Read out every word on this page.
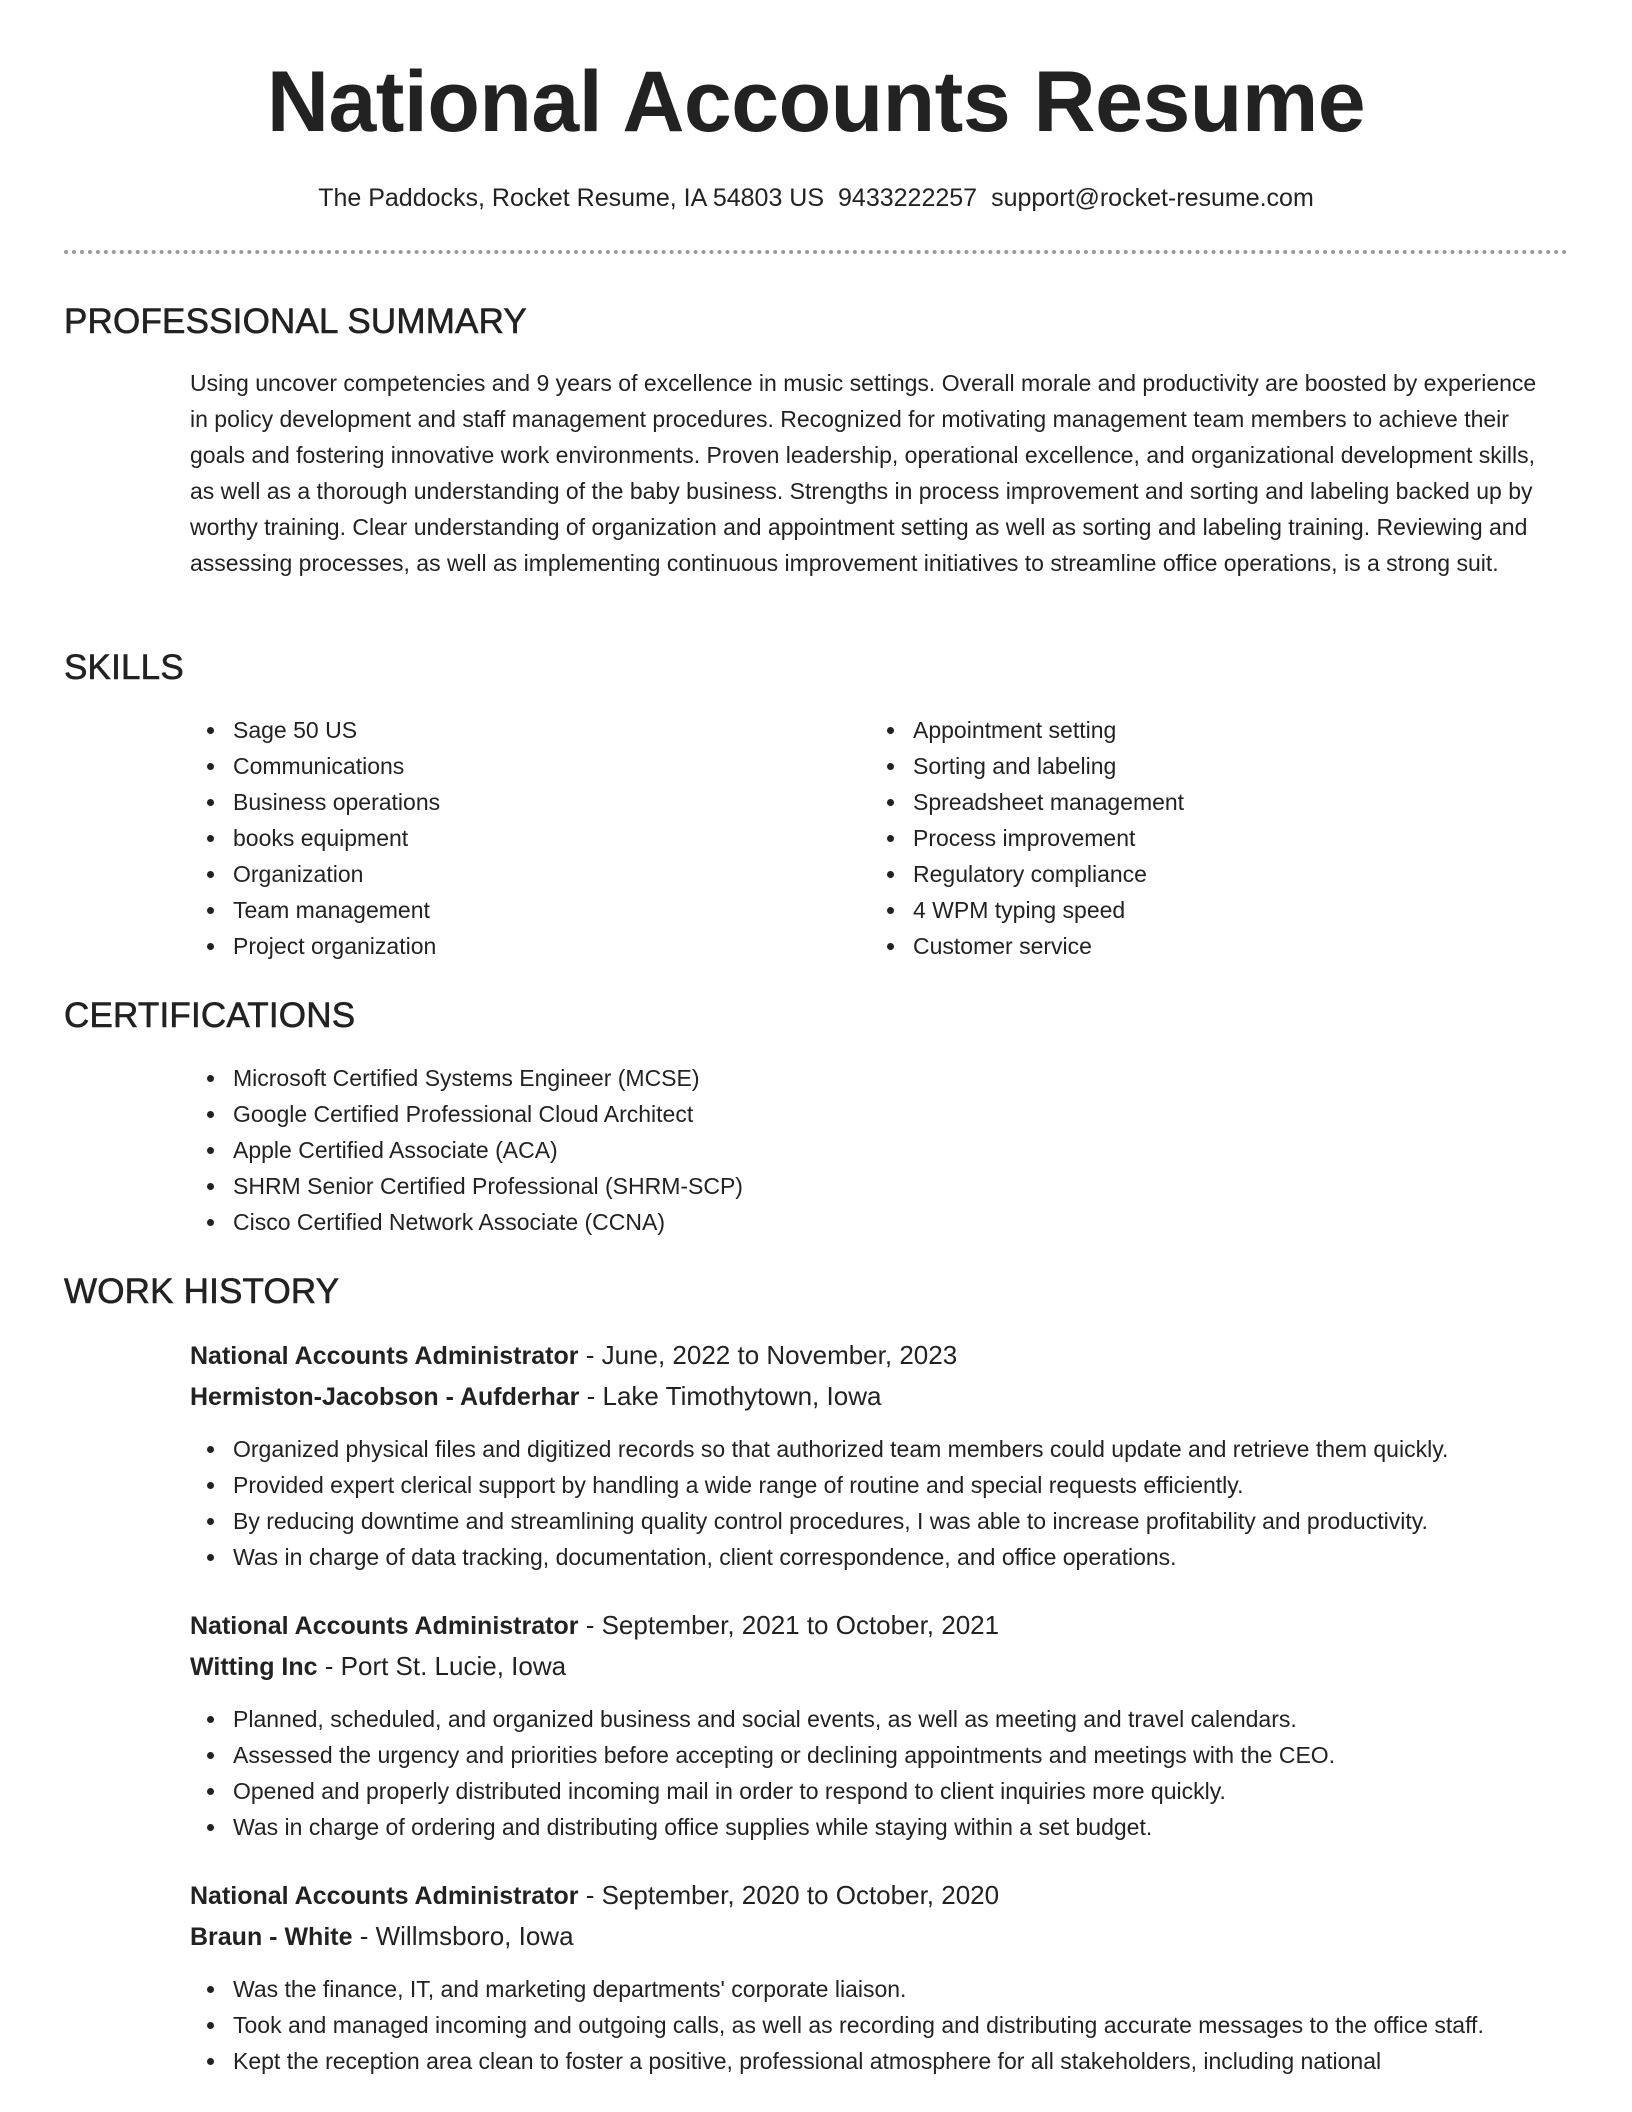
National Accounts Resume
The Paddocks, Rocket Resume, IA 54803 US 9433222257 support@rocket-resume.com
PROFESSIONAL SUMMARY

Using uncover competencies and 9 years of excellence in music settings. Overall morale and productivity are boosted by experience in policy development and staff management procedures. Recognized for motivating management team members to achieve their goals and fostering innovative work environments. Proven leadership, operational excellence, and organizational development skills, as well as a thorough understanding of the baby business. Strengths in process improvement and sorting and labeling backed up by worthy training. Clear understanding of organization and appointment setting as well as sorting and labeling training. Reviewing and assessing processes, as well as implementing continuous improvement initiatives to streamline office operations, is a strong suit.

SKILLS
Sage 50 US
Communications
Business operations
books equipment
Organization
Team management
Project organization
Appointment setting
Sorting and labeling
Spreadsheet management
Process improvement
Regulatory compliance
4 WPM typing speed
Customer service
CERTIFICATIONS
Microsoft Certified Systems Engineer (MCSE)
Google Certified Professional Cloud Architect
Apple Certified Associate (ACA)
SHRM Senior Certified Professional (SHRM-SCP)
Cisco Certified Network Associate (CCNA)
WORK HISTORY
National Accounts Administrator - June, 2022 to November, 2023
Hermiston-Jacobson - Aufderhar - Lake Timothytown, Iowa
Organized physical files and digitized records so that authorized team members could update and retrieve them quickly.
Provided expert clerical support by handling a wide range of routine and special requests efficiently.
By reducing downtime and streamlining quality control procedures, I was able to increase profitability and productivity.
Was in charge of data tracking, documentation, client correspondence, and office operations.
National Accounts Administrator - September, 2021 to October, 2021
Witting Inc - Port St. Lucie, Iowa
Planned, scheduled, and organized business and social events, as well as meeting and travel calendars.
Assessed the urgency and priorities before accepting or declining appointments and meetings with the CEO.
Opened and properly distributed incoming mail in order to respond to client inquiries more quickly.
Was in charge of ordering and distributing office supplies while staying within a set budget.
National Accounts Administrator - September, 2020 to October, 2020
Braun - White - Willmsboro, Iowa
Was the finance, IT, and marketing departments' corporate liaison.
Took and managed incoming and outgoing calls, as well as recording and distributing accurate messages to the office staff.
Kept the reception area clean to foster a positive, professional atmosphere for all stakeholders, including national
